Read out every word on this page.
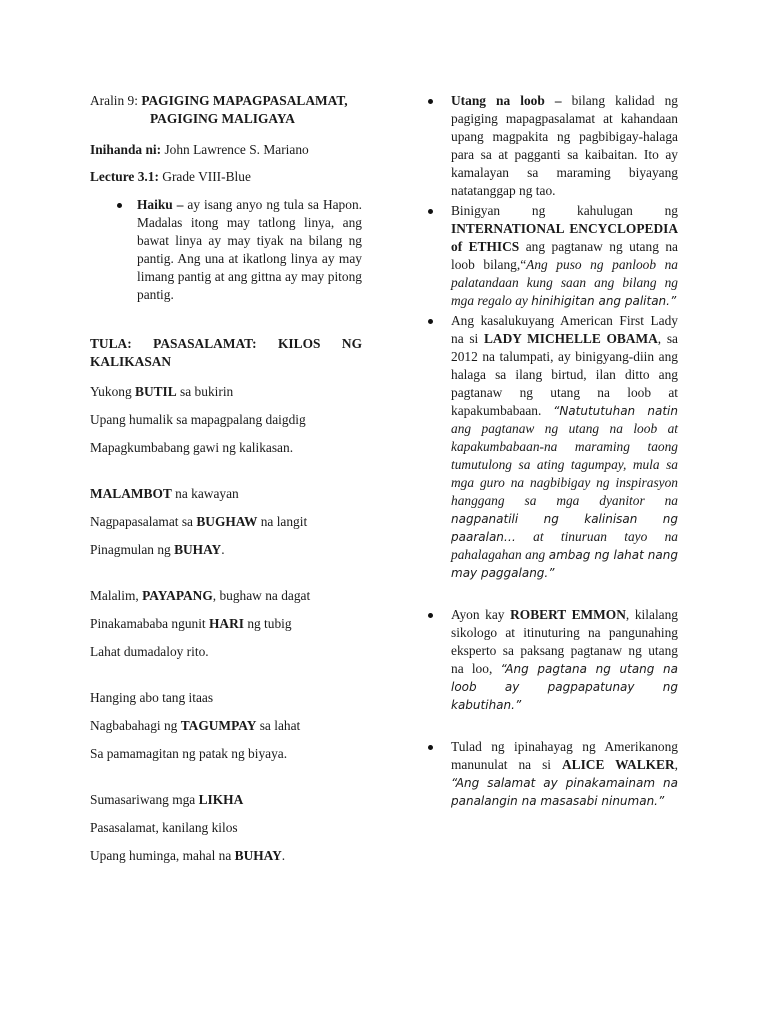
Aralin 9: PAGIGING MAPAGPASALAMAT,

PAGIGING MALIGAYA

Inihanda ni: John Lawrence S. Mariano

Lecture 3.1: Grade VIII-Blue

Haiku – ay isang anyo ng tula sa Hapon. Madalas itong may tatlong linya, ang bawat linya ay may tiyak na bilang ng pantig. Ang una at ikatlong linya ay may limang pantig at ang gittna ay may pitong pantig.

TULA: PASASALAMAT: KILOS NG KALIKASAN

Yukong BUTIL sa bukirin

Upang humalik sa mapagpalang daigdig

Mapagkumbabang gawi ng kalikasan.

MALAMBOT na kawayan

Nagpapasalamat sa BUGHAW na langit

Pinagmulan ng BUHAY.

Malalim, PAYAPANG, bughaw na dagat

Pinakamababa ngunit HARI ng tubig

Lahat dumadaloy rito.

Hanging abo tang itaas

Nagbabahagi ng TAGUMPAY sa lahat

Sa pamamagitan ng patak ng biyaya.

Sumasariwang mga LIKHA

Pasasalamat, kanilang kilos

Upang huminga, mahal na BUHAY.

Utang na loob – bilang kalidad ng pagiging mapagpasalamat at kahandaan upang magpakita ng pagbibigay-halaga para sa at pagganti sa kaibaitan. Ito ay kamalayan sa maraming biyayang natatanggap ng tao.

Binigyan ng kahulugan ng INTERNATIONAL ENCYCLOPEDIA of ETHICS ang pagtanaw ng utang na loob bilang,“Ang puso ng panloob na palatandaan kung saan ang bilang ng mga regalo ay hinihigitan ang palitan.”

Ang kasalukuyang American First Lady na si LADY MICHELLE OBAMA, sa 2012 na talumpati, ay binigyang-diin ang halaga sa ilang birtud, ilan ditto ang pagtanaw ng utang na loob at kapakumbabaan. “Natututuhan natin ang pagtanaw ng utang na loob at kapakumbabaan-na maraming taong tumutulong sa ating tagumpay, mula sa mga guro na nagbibigay ng inspirasyon hanggang sa mga dyanitor na nagpanatili ng kalinisan ng paaralan… at tinuruan tayo na pahalagahan ang ambag ng lahat nang may paggalang.”

Ayon kay ROBERT EMMON, kilalang sikologo at itinuturing na pangunahing eksperto sa paksang pagtanaw ng utang na loo, “Ang pagtana ng utang na loob ay pagpapatunay ng kabutihan.”

Tulad ng ipinahayag ng Amerikanong manunulat na si ALICE WALKER, “Ang salamat ay pinakamainam na panalangin na masasabi ninuman.”
